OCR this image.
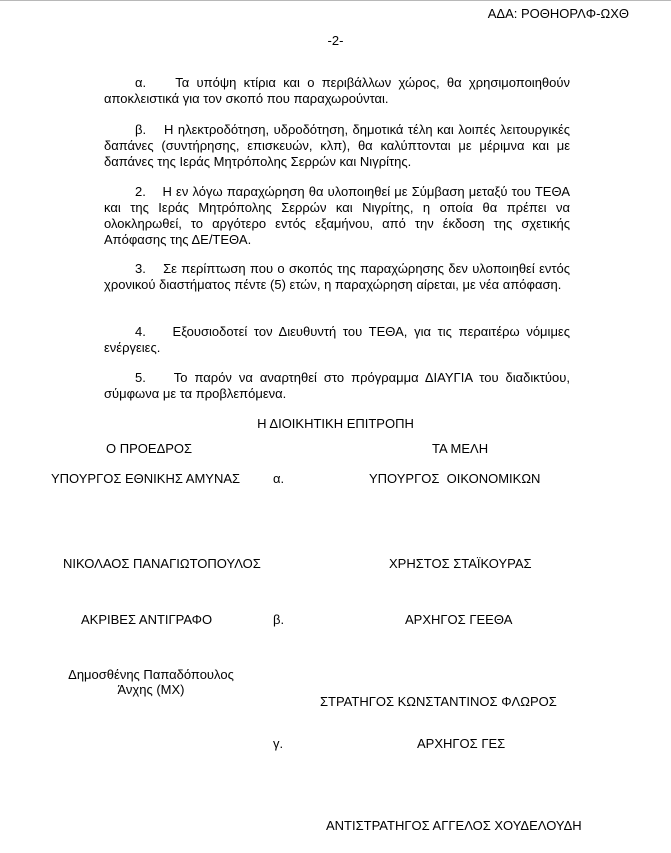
ΑΔΑ: ΡΟΘΗΟΡΛΦ-ΩΧΘ
-2-
α.    Τα υπόψη κτίρια και ο περιβάλλων χώρος, θα χρησιμοποιηθούν αποκλειστικά για τον σκοπό που παραχωρούνται.
β.    Η ηλεκτροδότηση, υδροδότηση, δημοτικά τέλη και λοιπές λειτουργικές δαπάνες (συντήρησης, επισκευών, κλπ), θα καλύπτονται με μέριμνα και με δαπάνες της Ιεράς Μητρόπολης Σερρών και Νιγρίτης.
2.    Η εν λόγω παραχώρηση θα υλοποιηθεί με Σύμβαση μεταξύ του ΤΕΘΑ και της Ιεράς Μητρόπολης Σερρών και Νιγρίτης, η οποία θα πρέπει να ολοκληρωθεί, το αργότερο εντός εξαμήνου, από την έκδοση της σχετικής Απόφασης της ΔΕ/ΤΕΘΑ.
3.    Σε περίπτωση που ο σκοπός της παραχώρησης δεν υλοποιηθεί εντός χρονικού διαστήματος πέντε (5) ετών, η παραχώρηση αίρεται, με νέα απόφαση.
4.    Εξουσιοδοτεί τον Διευθυντή του ΤΕΘΑ, για τις περαιτέρω νόμιμες ενέργειες.
5.    Το παρόν να αναρτηθεί στο πρόγραμμα ΔΙΑΥΓΙΑ του διαδικτύου, σύμφωνα με τα προβλεπόμενα.
Η ΔΙΟΙΚΗΤΙΚΗ ΕΠΙΤΡΟΠΗ
Ο ΠΡΟΕΔΡΟΣ	ΤΑ ΜΕΛΗ
ΥΠΟΥΡΓΟΣ ΕΘΝΙΚΗΣ ΑΜΥΝΑΣ	α.	ΥΠΟΥΡΓΟΣ  ΟΙΚΟΝΟΜΙΚΩΝ
ΝΙΚΟΛΑΟΣ ΠΑΝΑΓΙΩΤΟΠΟΥΛΟΣ	ΧΡΗΣΤΟΣ ΣΤΑΪΚΟΥΡΑΣ
ΑΚΡΙΒΕΣ ΑΝΤΙΓΡΑΦΟ	β.	ΑΡΧΗΓΟΣ ΓΕΕΘΑ
Δημοσθένης Παπαδόπουλος
Άνχης (ΜΧ)
ΣΤΡΑΤΗΓΟΣ ΚΩΝΣΤΑΝΤΙΝΟΣ ΦΛΩΡΟΣ
γ.	ΑΡΧΗΓΟΣ ΓΕΣ
ΑΝΤΙΣΤΡΑΤΗΓΟΣ ΑΓΓΕΛΟΣ ΧΟΥΔΕΛΟΥΔΗ
